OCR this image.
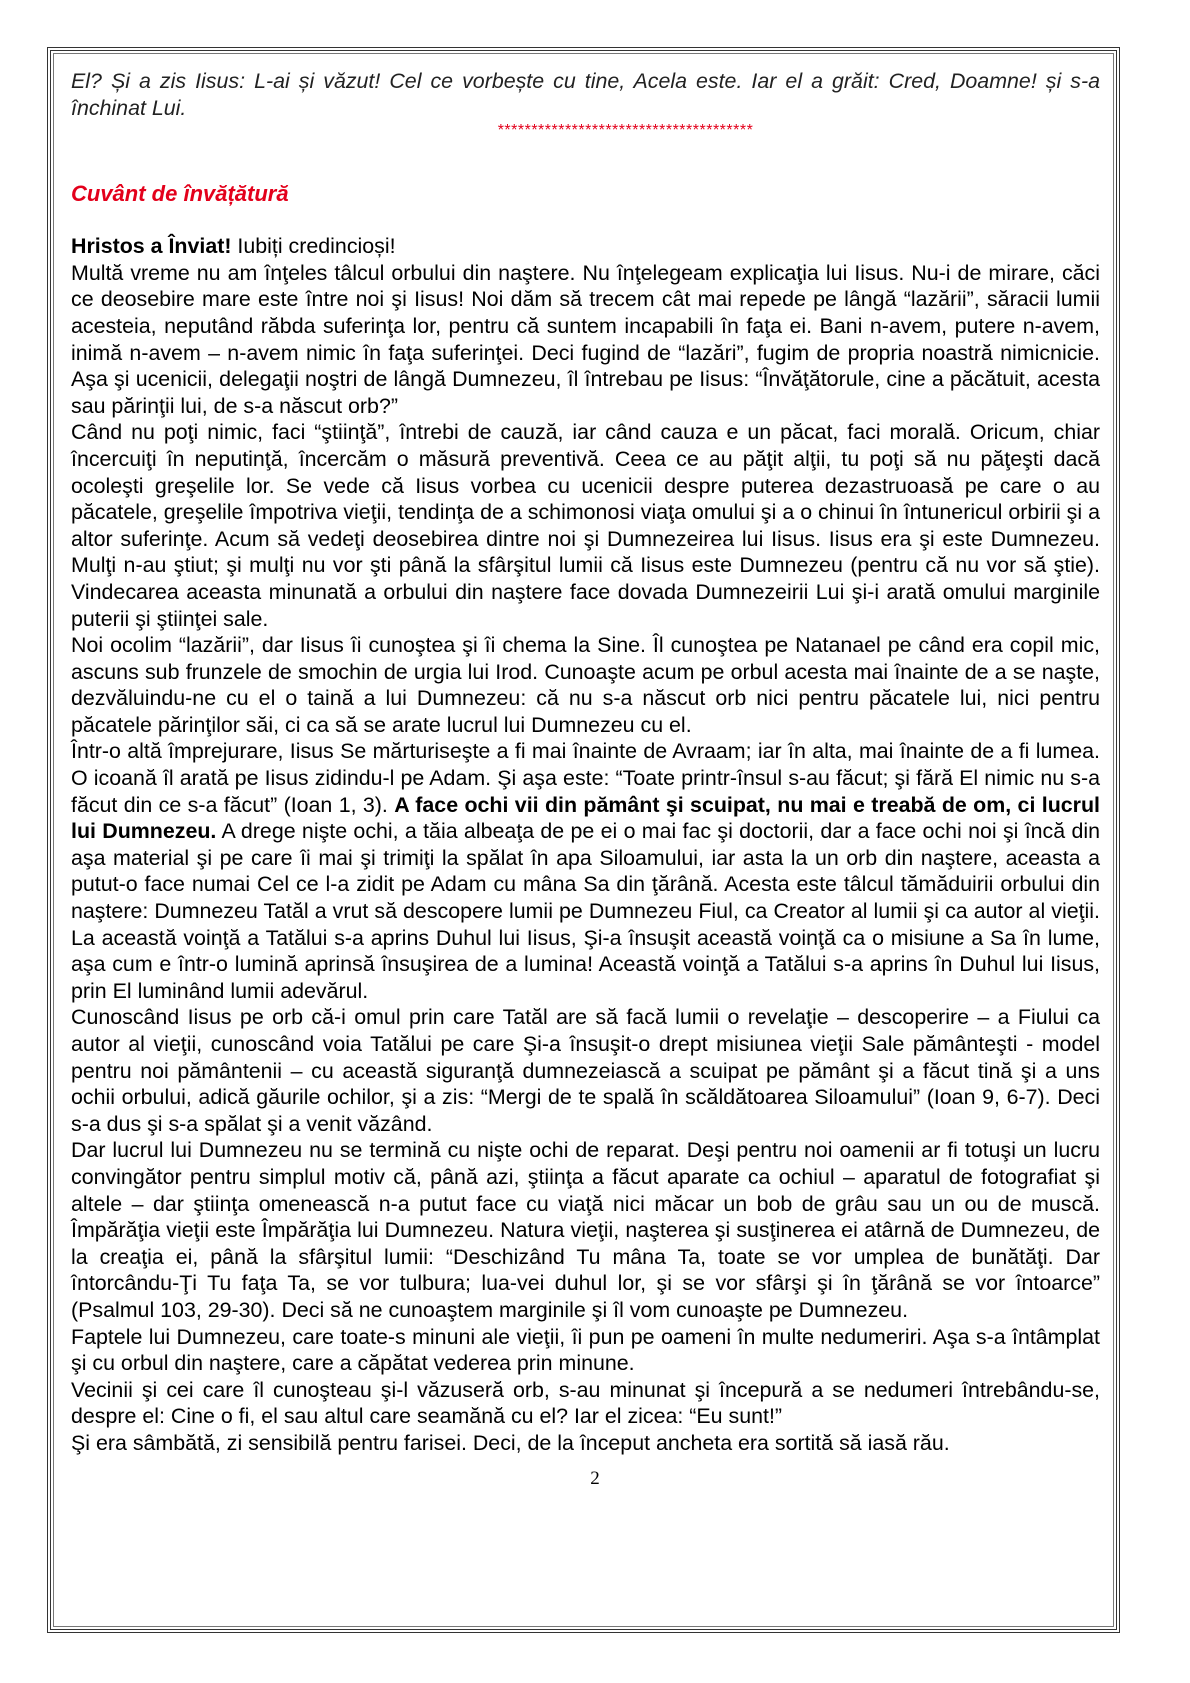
El? Și a zis Iisus: L-ai și văzut! Cel ce vorbește cu tine, Acela este. Iar el a grăit: Cred, Doamne! și s-a închinat Lui.

**************************************

Cuvânt de învățătură

Hristos a Înviat! Iubiți credincioși!

Multă vreme nu am înţeles tâlcul orbului din naştere. Nu înţelegeam explicaţia lui Iisus. Nu-i de mirare, căci ce deosebire mare este între noi şi Iisus! Noi dăm să trecem cât mai repede pe lângă “lazării”, săracii lumii acesteia, neputând răbda suferinţa lor, pentru că suntem incapabili în faţa ei. Bani n-avem, putere n-avem, inimă n-avem – n-avem nimic în faţa suferinţei. Deci fugind de “lazări”, fugim de propria noastră nimicnicie. Aşa şi ucenicii, delegaţii noştri de lângă Dumnezeu, îl întrebau pe Iisus: “Învăţătorule, cine a păcătuit, acesta sau părinţii lui, de s-a născut orb?”

Când nu poţi nimic, faci “ştiinţă”, întrebi de cauză, iar când cauza e un păcat, faci morală. Oricum, chiar încercuiţi în neputinţă, încercăm o măsură preventivă. Ceea ce au păţit alţii, tu poţi să nu păţeşti dacă ocoleşti greşelile lor. Se vede că Iisus vorbea cu ucenicii despre puterea dezastruoasă pe care o au păcatele, greşelile împotriva vieţii, tendinţa de a schimonosi viaţa omului şi a o chinui în întunericul orbirii şi a altor suferinţe. Acum să vedeţi deosebirea dintre noi şi Dumnezeirea lui Iisus. Iisus era şi este Dumnezeu. Mulţi n-au ştiut; şi mulţi nu vor şti până la sfârşitul lumii că Iisus este Dumnezeu (pentru că nu vor să ştie). Vindecarea aceasta minunată a orbului din naştere face dovada Dumnezeirii Lui şi-i arată omului marginile puterii şi ştiinţei sale.

Noi ocolim “lazării”, dar Iisus îi cunoştea şi îi chema la Sine. Îl cunoştea pe Natanael pe când era copil mic, ascuns sub frunzele de smochin de urgia lui Irod. Cunoaşte acum pe orbul acesta mai înainte de a se naşte, dezvăluindu-ne cu el o taină a lui Dumnezeu: că nu s-a născut orb nici pentru păcatele lui, nici pentru păcatele părinţilor săi, ci ca să se arate lucrul lui Dumnezeu cu el.

Într-o altă împrejurare, Iisus Se mărturiseşte a fi mai înainte de Avraam; iar în alta, mai înainte de a fi lumea. O icoană îl arată pe Iisus zidindu-l pe Adam. Şi aşa este: “Toate printr-însul s-au făcut; şi fără El nimic nu s-a făcut din ce s-a făcut” (Ioan 1, 3). A face ochi vii din pământ şi scuipat, nu mai e treabă de om, ci lucrul lui Dumnezeu. A drege nişte ochi, a tăia albeaţa de pe ei o mai fac şi doctorii, dar a face ochi noi şi încă din aşa material şi pe care îi mai şi trimiţi la spălat în apa Siloamului, iar asta la un orb din naştere, aceasta a putut-o face numai Cel ce l-a zidit pe Adam cu mâna Sa din ţărână. Acesta este tâlcul tămăduirii orbului din naştere: Dumnezeu Tatăl a vrut să descopere lumii pe Dumnezeu Fiul, ca Creator al lumii şi ca autor al vieţii. La această voinţă a Tatălui s-a aprins Duhul lui Iisus, Şi-a însuşit această voinţă ca o misiune a Sa în lume, aşa cum e într-o lumină aprinsă însuşirea de a lumina! Această voinţă a Tatălui s-a aprins în Duhul lui Iisus, prin El luminând lumii adevărul.

Cunoscând Iisus pe orb că-i omul prin care Tatăl are să facă lumii o revelaţie – descoperire – a Fiului ca autor al vieţii, cunoscând voia Tatălui pe care Şi-a însuşit-o drept misiunea vieţii Sale pământeşti - model pentru noi pământenii – cu această siguranţă dumnezeiască a scuipat pe pământ şi a făcut tină şi a uns ochii orbului, adică găurile ochilor, şi a zis: “Mergi de te spală în scăldătoarea Siloamului” (Ioan 9, 6-7). Deci s-a dus şi s-a spălat şi a venit văzând.

Dar lucrul lui Dumnezeu nu se termină cu nişte ochi de reparat. Deşi pentru noi oamenii ar fi totuşi un lucru convingător pentru simplul motiv că, până azi, ştiinţa a făcut aparate ca ochiul – aparatul de fotografiat şi altele – dar ştiinţa omenească n-a putut face cu viaţă nici măcar un bob de grâu sau un ou de muscă. Împărăţia vieţii este Împărăţia lui Dumnezeu. Natura vieţii, naşterea şi susţinerea ei atârnă de Dumnezeu, de la creaţia ei, până la sfârşitul lumii: “Deschizând Tu mâna Ta, toate se vor umplea de bunătăţi. Dar întorcându-Ţi Tu faţa Ta, se vor tulbura; lua-vei duhul lor, şi se vor sfârşi şi în ţărână se vor întoarce” (Psalmul 103, 29-30). Deci să ne cunoaştem marginile şi îl vom cunoaşte pe Dumnezeu.

Faptele lui Dumnezeu, care toate-s minuni ale vieţii, îi pun pe oameni în multe nedumeriri. Aşa s-a întâmplat şi cu orbul din naştere, care a căpătat vederea prin minune.

Vecinii şi cei care îl cunoşteau şi-l văzuseră orb, s-au minunat şi începură a se nedumeri întrebându-se, despre el: Cine o fi, el sau altul care seamănă cu el? Iar el zicea: “Eu sunt!”

Şi era sâmbătă, zi sensibilă pentru farisei. Deci, de la început ancheta era sortită să iasă rău.

2
